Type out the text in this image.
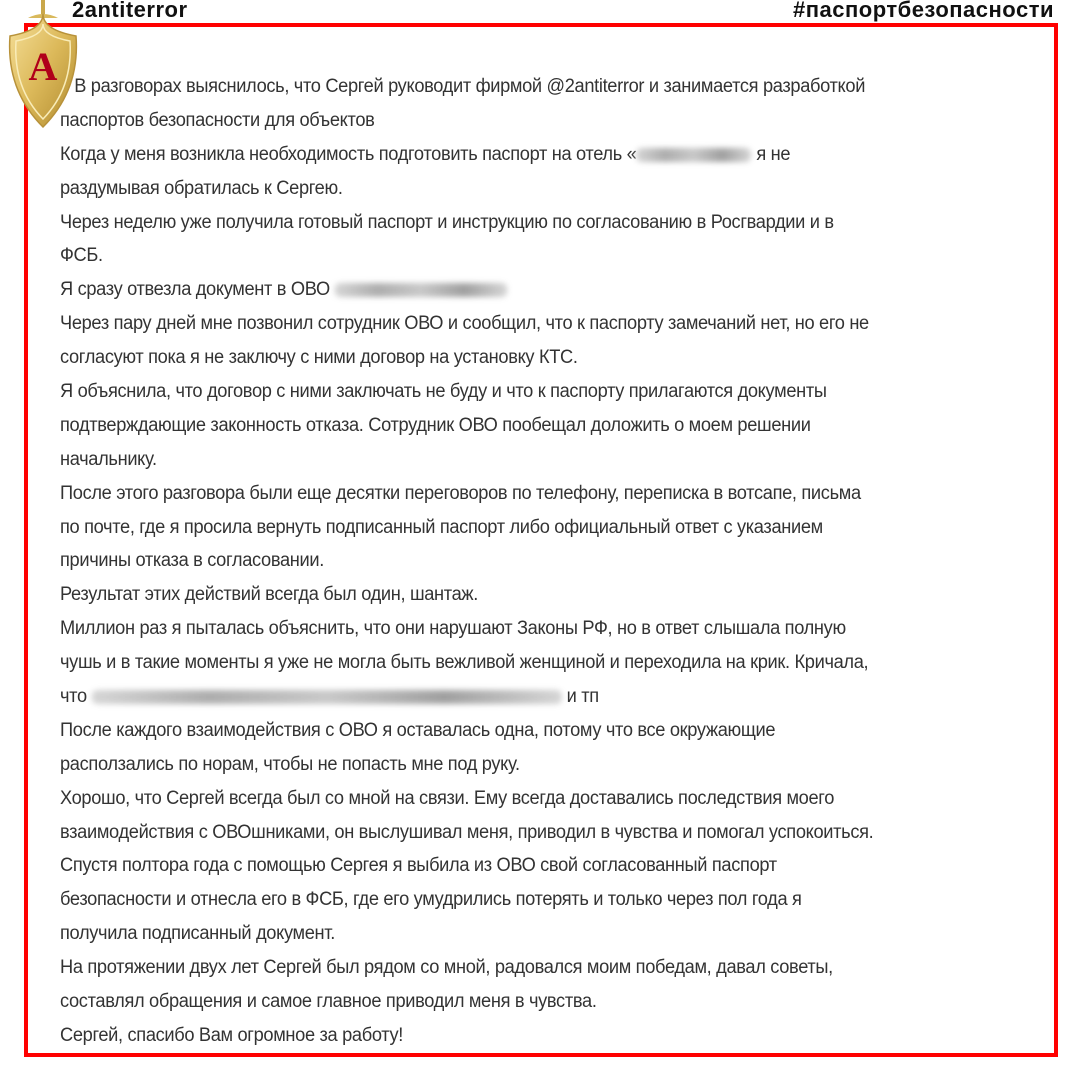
2antiterror	#паспортбезопасности
А В разговорах выяснилось, что Сергей руководит фирмой @2antiterror и занимается разработкой
паспортов безопасности для объектов
Когда у меня возникла необходимость подготовить паспорт на отель «	я не
раздумывая обратилась к Сергею.
Через неделю уже получила готовый паспорт и инструкцию по согласованию в Росгвардии и в
ФСБ.
Я сразу отвезла документ в ОВО
Через пару дней мне позвонил сотрудник ОВО и сообщил, что к паспорту замечаний нет, но его не
согласуют пока я не заключу с ними договор на установку КТС.
Я объяснила, что договор с ними заключать не буду и что к паспорту прилагаются документы
подтверждающие законность отказа. Сотрудник ОВО пообещал доложить о моем решении
начальнику.
После этого разговора были еще десятки переговоров по телефону, переписка в вотсапе, письма
по почте, где я просила вернуть подписанный паспорт либо официальный ответ с указанием
причины отказа в согласовании.
Результат этих действий всегда был один, шантаж.
Миллион раз я пыталась объяснить, что они нарушают Законы РФ, но в ответ слышала полную
чушь и в такие моменты я уже не могла быть вежливой женщиной и переходила на крик. Кричала,
что	и тп
После каждого взаимодействия с ОВО я оставалась одна, потому что все окружающие
расползались по норам, чтобы не попасть мне под руку.
Хорошо, что Сергей всегда был со мной на связи. Ему всегда доставались последствия моего
взаимодействия с ОВОшниками, он выслушивал меня, приводил в чувства и помогал успокоиться.
Спустя полтора года с помощью Сергея я выбила из ОВО свой согласованный паспорт
безопасности и отнесла его в ФСБ, где его умудрились потерять и только через пол года я
получила подписанный документ.
На протяжении двух лет Сергей был рядом со мной, радовался моим победам, давал советы,
составлял обращения и самое главное приводил меня в чувства.
Сергей, спасибо Вам огромное за работу!
